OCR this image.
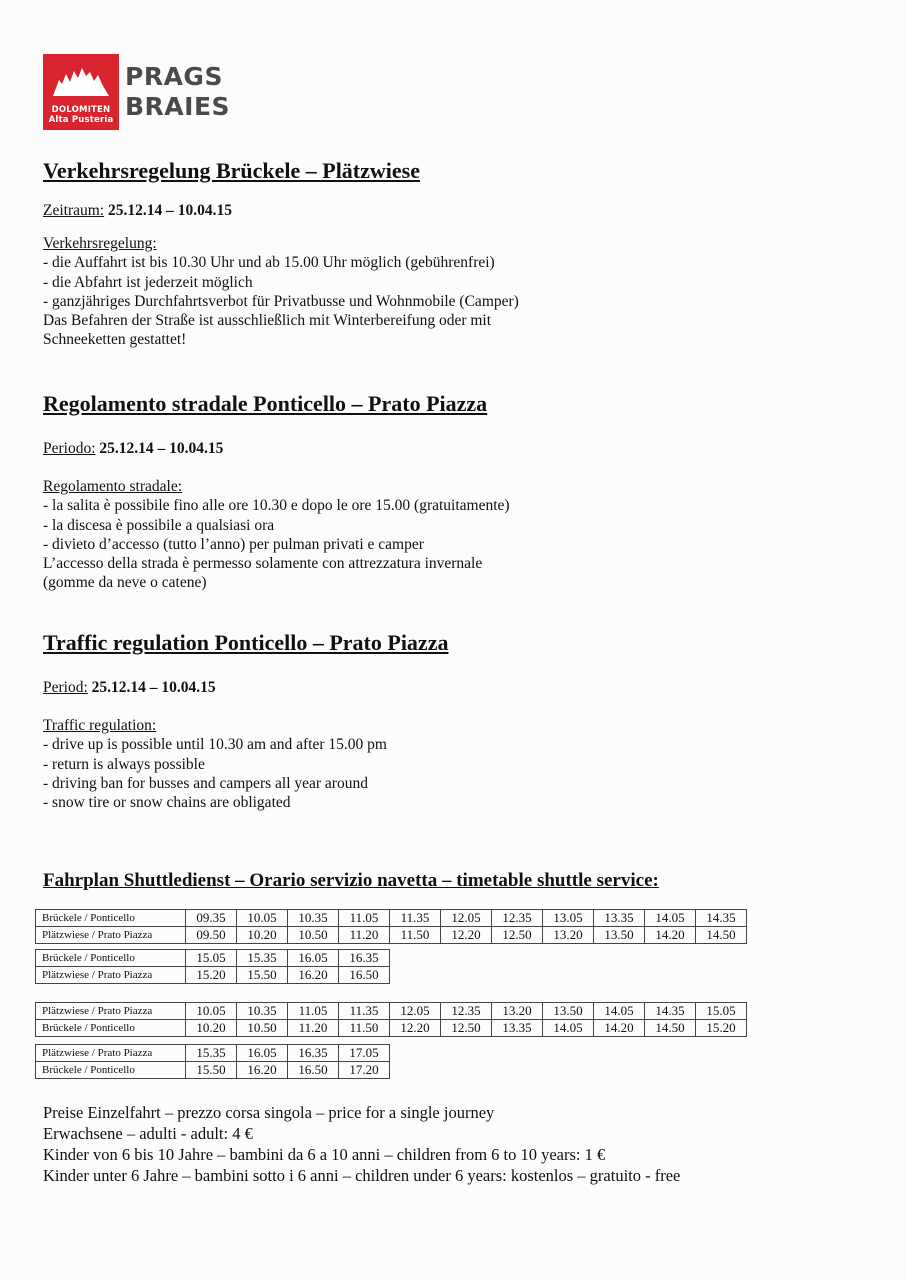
DOLOMITEN
Alta Pusteria
PRAGS
BRAIES
Verkehrsregelung Brückele – Plätzwiese
Zeitraum: 25.12.14 – 10.04.15
Verkehrsregelung:
- die Auffahrt ist bis 10.30 Uhr und ab 15.00 Uhr möglich (gebührenfrei)
- die Abfahrt ist jederzeit möglich
- ganzjähriges Durchfahrtsverbot für Privatbusse und Wohnmobile (Camper)
Das Befahren der Straße ist ausschließlich mit Winterbereifung oder mit
Schneeketten gestattet!
Regolamento stradale Ponticello – Prato Piazza
Periodo: 25.12.14 – 10.04.15
Regolamento stradale:
- la salita è possibile fino alle ore 10.30 e dopo le ore 15.00 (gratuitamente)
- la discesa è possibile a qualsiasi ora
- divieto d’accesso (tutto l’anno) per pulman privati e camper
L’accesso della strada è permesso solamente con attrezzatura invernale
(gomme da neve o catene)
Traffic regulation Ponticello – Prato Piazza
Period: 25.12.14 – 10.04.15
Traffic regulation:
- drive up is possible until 10.30 am and after 15.00 pm
- return is always possible
- driving ban for busses and campers all year around
- snow tire or snow chains are obligated
Fahrplan Shuttledienst – Orario servizio navetta – timetable shuttle service:
Brückele / Ponticello	09.35	10.05	10.35	11.05	11.35	12.05	12.35	13.05	13.35	14.05	14.35
Plätzwiese / Prato Piazza	09.50	10.20	10.50	11.20	11.50	12.20	12.50	13.20	13.50	14.20	14.50
Brückele / Ponticello	15.05	15.35	16.05	16.35
Plätzwiese / Prato Piazza	15.20	15.50	16.20	16.50
Plätzwiese / Prato Piazza	10.05	10.35	11.05	11.35	12.05	12.35	13.20	13.50	14.05	14.35	15.05
Brückele / Ponticello	10.20	10.50	11.20	11.50	12.20	12.50	13.35	14.05	14.20	14.50	15.20
Plätzwiese / Prato Piazza	15.35	16.05	16.35	17.05
Brückele / Ponticello	15.50	16.20	16.50	17.20
Preise Einzelfahrt – prezzo corsa singola – price for a single journey
Erwachsene – adulti - adult: 4 €
Kinder von 6 bis 10 Jahre – bambini da 6 a 10 anni – children from 6 to 10 years: 1 €
Kinder unter 6 Jahre – bambini sotto i 6 anni – children under 6 years: kostenlos – gratuito - free
